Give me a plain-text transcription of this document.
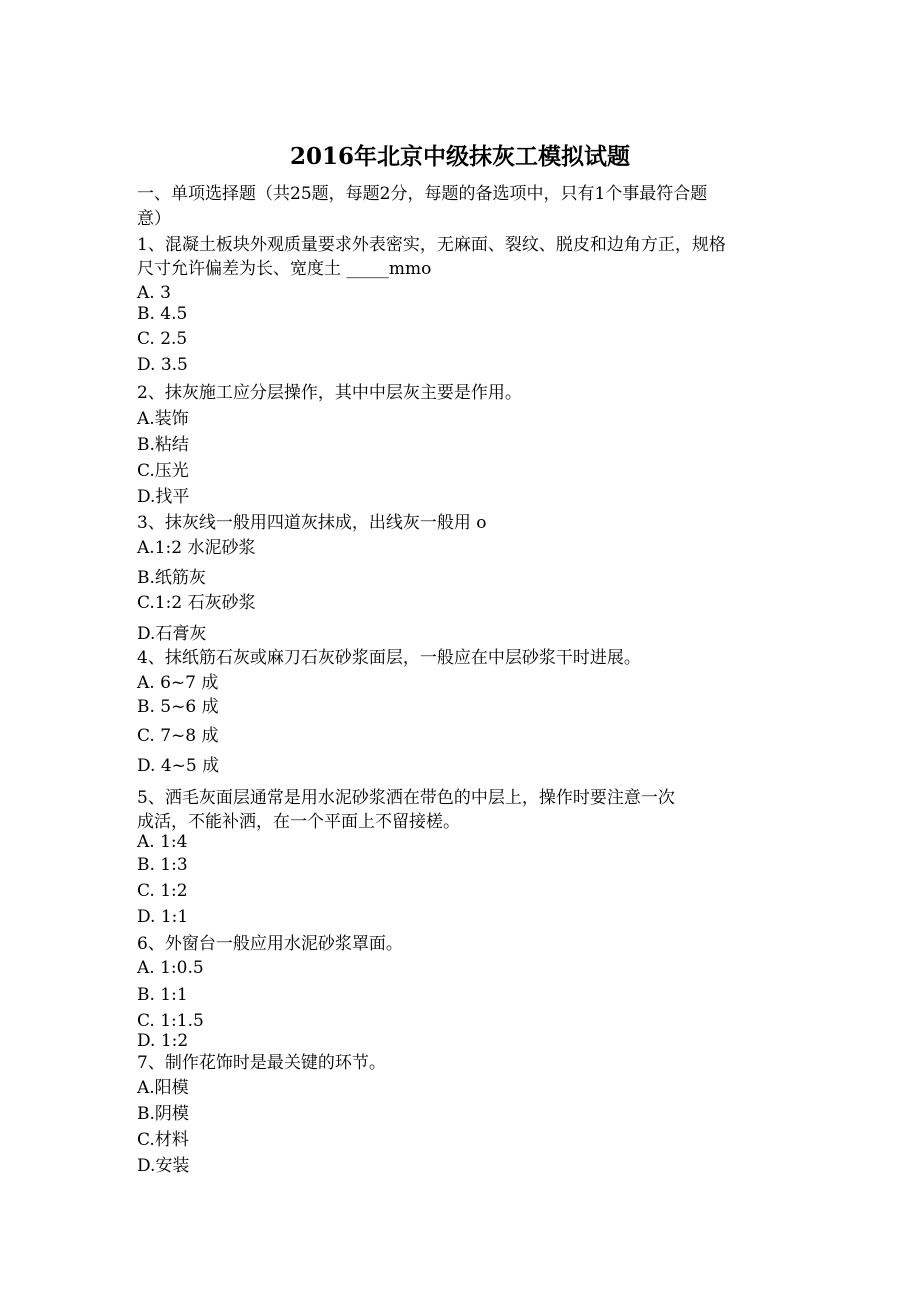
2016年北京中级抹灰工模拟试题
一、单项选择题（共25题，每题2分，每题的备选项中，只有1个事最符合题
意）
1、混凝土板块外观质量要求外表密实，无麻面、裂纹、脱皮和边角方正，规格
尺寸允许偏差为长、宽度土 _____mmo
A. 3
B. 4.5
C. 2.5
D. 3.5
2、抹灰施工应分层操作，其中中层灰主要是作用。
A.装饰
B.粘结
C.压光
D.找平
3、抹灰线一般用四道灰抹成，出线灰一般用 o
A.1:2 水泥砂浆
B.纸筋灰
C.1:2 石灰砂浆
D.石膏灰
4、抹纸筋石灰或麻刀石灰砂浆面层，一般应在中层砂浆干时进展。
A. 6~7 成
B. 5~6 成
C. 7~8 成
D. 4~5 成
5、洒毛灰面层通常是用水泥砂浆洒在带色的中层上，操作时要注意一次
成活，不能补洒，在一个平面上不留接槎。
A. 1:4
B. 1:3
C. 1:2
D. 1:1
6、外窗台一般应用水泥砂浆罩面。
A. 1:0.5
B. 1:1
C. 1:1.5
D. 1:2
7、制作花饰时是最关键的环节。
A.阳模
B.阴模
C.材料
D.安装
